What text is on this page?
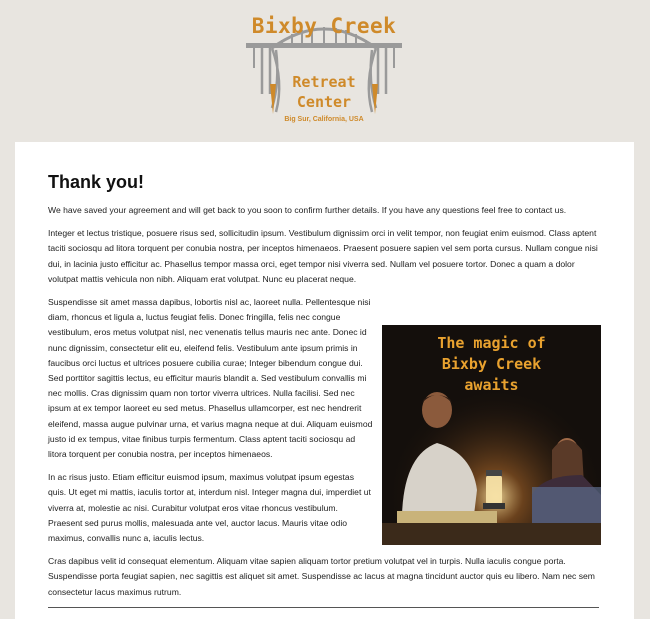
Bixby Creek
Retreat
Center
Big Sur, California, USA
Thank you!

We have saved your agreement and will get back to you soon to confirm further details. If you have any questions feel free to contact us.

Integer et lectus tristique, posuere risus sed, sollicitudin ipsum. Vestibulum dignissim orci in velit tempor, non feugiat enim euismod. Class aptent taciti sociosqu ad litora torquent per conubia nostra, per inceptos himenaeos. Praesent posuere sapien vel sem porta cursus. Nullam congue nisi dui, in lacinia justo efficitur ac. Phasellus tempor massa orci, eget tempor nisi viverra sed. Nullam vel posuere tortor. Donec a quam a dolor volutpat mattis vehicula non nibh. Aliquam erat volutpat. Nunc eu placerat neque.

The magic of
Bixby Creek
awaits

Suspendisse sit amet massa dapibus, lobortis nisl ac, laoreet nulla. Pellentesque nisi diam, rhoncus et ligula a, luctus feugiat felis. Donec fringilla, felis nec congue vestibulum, eros metus volutpat nisl, nec venenatis tellus mauris nec ante. Donec id nunc dignissim, consectetur elit eu, eleifend felis. Vestibulum ante ipsum primis in faucibus orci luctus et ultrices posuere cubilia curae; Integer bibendum congue dui. Sed porttitor sagittis lectus, eu efficitur mauris blandit a. Sed vestibulum convallis mi nec mollis. Cras dignissim quam non tortor viverra ultrices. Nulla facilisi. Sed nec ipsum at ex tempor laoreet eu sed metus. Phasellus ullamcorper, est nec hendrerit eleifend, massa augue pulvinar urna, et varius magna neque at dui. Aliquam euismod justo id ex tempus, vitae finibus turpis fermentum. Class aptent taciti sociosqu ad litora torquent per conubia nostra, per inceptos himenaeos.

In ac risus justo. Etiam efficitur euismod ipsum, maximus volutpat ipsum egestas quis. Ut eget mi mattis, iaculis tortor at, interdum nisl. Integer magna dui, imperdiet ut viverra at, molestie ac nisi. Curabitur volutpat eros vitae rhoncus vestibulum. Praesent sed purus mollis, malesuada ante vel, auctor lacus. Mauris vitae odio maximus, convallis nunc a, iaculis lectus.

Cras dapibus velit id consequat elementum. Aliquam vitae sapien aliquam tortor pretium volutpat vel in turpis. Nulla iaculis congue porta. Suspendisse porta feugiat sapien, nec sagittis est aliquet sit amet. Suspendisse ac lacus at magna tincidunt auctor quis eu libero. Nam nec sem consectetur lacus maximus rutrum.
